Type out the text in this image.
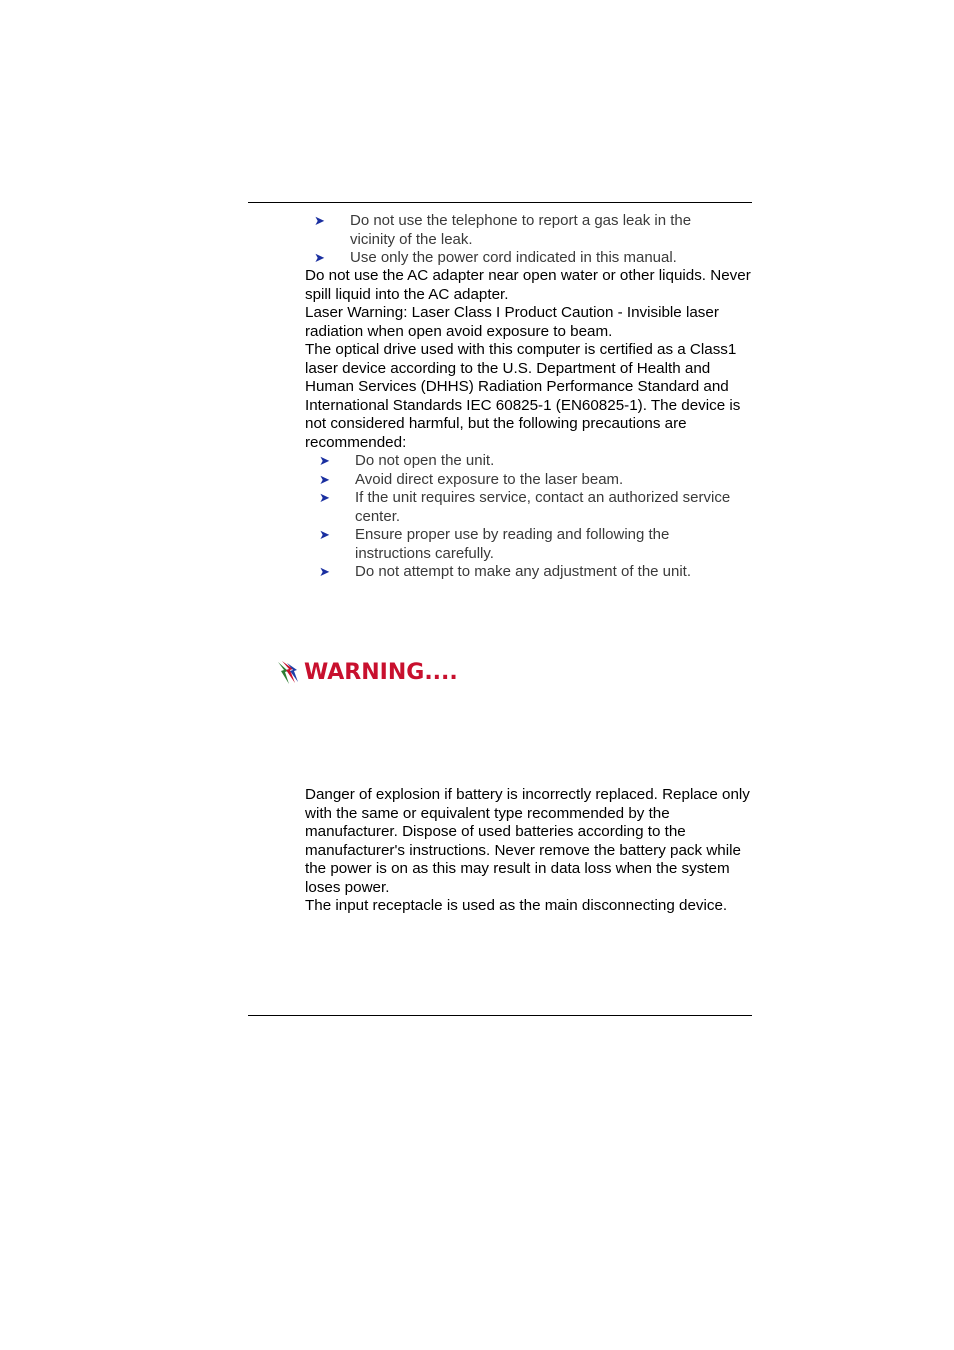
➤ Do not use the telephone to report a gas leak in the vicinity of the leak.
➤ Use only the power cord indicated in this manual.

Do not use the AC adapter near open water or other liquids. Never spill liquid into the AC adapter.

Laser Warning: Laser Class I Product Caution - Invisible laser radiation when open avoid exposure to beam.

The optical drive used with this computer is certified as a Class1 laser device according to the U.S. Department of Health and Human Services (DHHS) Radiation Performance Standard and International Standards IEC 60825-1 (EN60825-1). The device is not considered harmful, but the following precautions are recommended:

➤ Do not open the unit.
➤ Avoid direct exposure to the laser beam.
➤ If the unit requires service, contact an authorized service center.
➤ Ensure proper use by reading and following the instructions carefully.
➤ Do not attempt to make any adjustment of the unit.
WARNING....

Danger of explosion if battery is incorrectly replaced. Replace only with the same or equivalent type recommended by the manufacturer. Dispose of used batteries according to the manufacturer's instructions. Never remove the battery pack while the power is on as this may result in data loss when the system loses power.

The input receptacle is used as the main disconnecting device.
